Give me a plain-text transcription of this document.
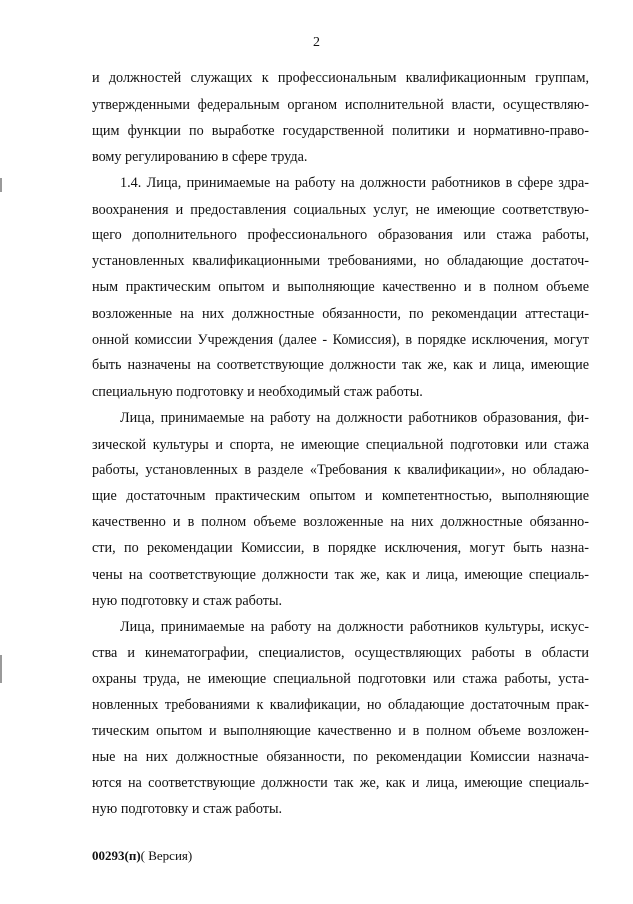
2
и должностей служащих к профессиональным квалификационным группам,
утвержденными федеральным органом исполнительной власти, осуществляю-
щим функции по выработке государственной политики и нормативно-право-
вому регулированию в сфере труда.
1.4. Лица, принимаемые на работу на должности работников в сфере здра-
воохранения и предоставления социальных услуг, не имеющие соответствую-
щего дополнительного профессионального образования или стажа работы,
установленных квалификационными требованиями, но обладающие достаточ-
ным практическим опытом и выполняющие качественно и в полном объеме
возложенные на них должностные обязанности, по рекомендации аттестаци-
онной комиссии Учреждения (далее - Комиссия), в порядке исключения, могут
быть назначены на соответствующие должности так же, как и лица, имеющие
специальную подготовку и необходимый стаж работы.
Лица, принимаемые на работу на должности работников образования, фи-
зической культуры и спорта, не имеющие специальной подготовки или стажа
работы, установленных в разделе «Требования к квалификации», но обладаю-
щие достаточным практическим опытом и компетентностью, выполняющие
качественно и в полном объеме возложенные на них должностные обязанно-
сти, по рекомендации Комиссии, в порядке исключения, могут быть назна-
чены на соответствующие должности так же, как и лица, имеющие специаль-
ную подготовку и стаж работы.
Лица, принимаемые на работу на должности работников культуры, искус-
ства и кинематографии, специалистов, осуществляющих работы в области
охраны труда, не имеющие специальной подготовки или стажа работы, уста-
новленных требованиями к квалификации, но обладающие достаточным прак-
тическим опытом и выполняющие качественно и в полном объеме возложен-
ные на них должностные обязанности, по рекомендации Комиссии назнача-
ются на соответствующие должности так же, как и лица, имеющие специаль-
ную подготовку и стаж работы.
00293(п)( Версия)
